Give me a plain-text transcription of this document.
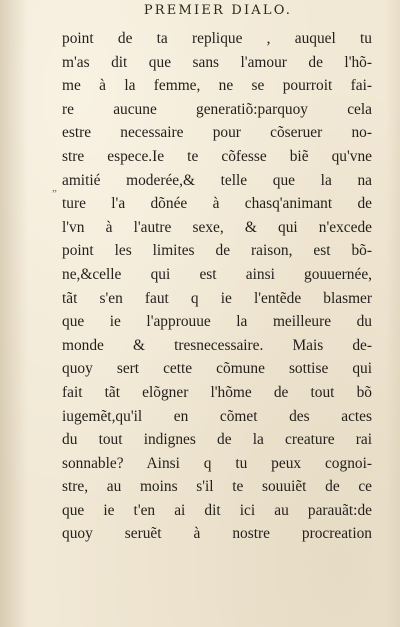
PREMIER DIALO.
„
point de ta replique , auquel tu
m'as dit que sans l'amour de l'hõ-
me à la femme, ne se pourroit fai-
re aucune generatiõ:parquoy cela
estre necessaire pour cõseruer no-
stre espece.Ie te cõfesse biẽ qu'vne
amitié moderée,& telle que la na
ture l'a dõnée à chasq'animant de
l'vn à l'autre sexe, & qui n'excede
point les limites de raison, est bõ-
ne,&celle qui est ainsi gouuernée,
tãt s'en faut q ie l'entẽde blasmer
que ie l'approuue la meilleure du
monde & tresnecessaire. Mais de-
quoy sert cette cõmune sottise qui
fait tãt elõgner l'hõme de tout bõ
iugemẽt,qu'il en cõmet des actes
du tout indignes de la creature rai
sonnable? Ainsi q tu peux cognoi-
stre, au moins s'il te souuiẽt de ce
que ie t'en ai dit ici au parauãt:de
quoy seruẽt à nostre procreation
